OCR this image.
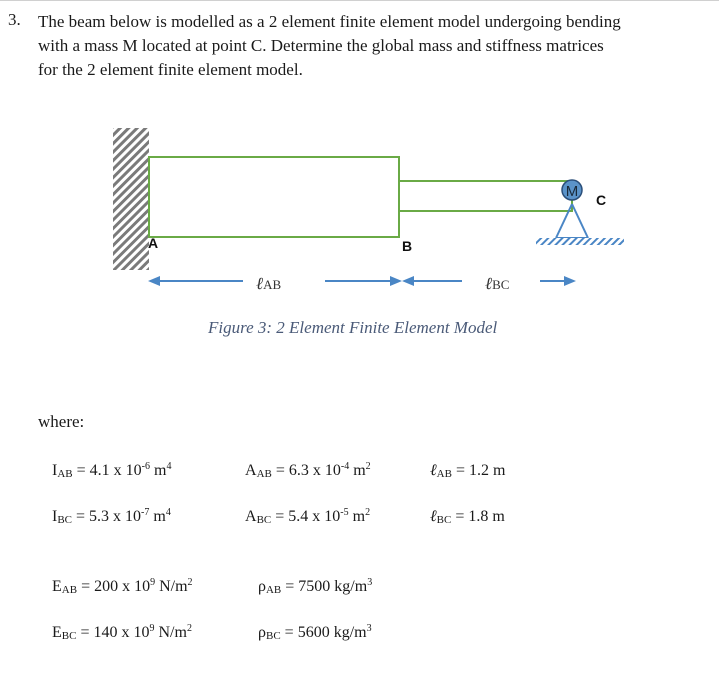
3. The beam below is modelled as a 2 element finite element model undergoing bending
with a mass M located at point C. Determine the global mass and stiffness matrices
for the 2 element finite element model.
M
A	B
C
ℓAB	ℓBC
Figure 3: 2 Element Finite Element Model
where:
$I_{AB} = 4.1$ x $10^{-6}$ $m^4$	$A_{AB} = 6.3$ x $10^{-4}$ $m^2$	ℓ$_{AB}$ = 1.2 m
$I_{BC} = 5.3$ x $10^{-7}$ $m^4$	$A_{BC} = 5.4$ x $10^{-5}$ $m^2$	ℓ$_{BC}$ = 1.8 m
$E_{AB} = 200$ x $10^9$ $N/m^2$	$\rho_{AB} = 7500$ $kg/m^3$
$E_{BC} = 140$ x $10^9$ $N/m^2$	$\rho_{BC} = 5600$ $kg/m^3$
